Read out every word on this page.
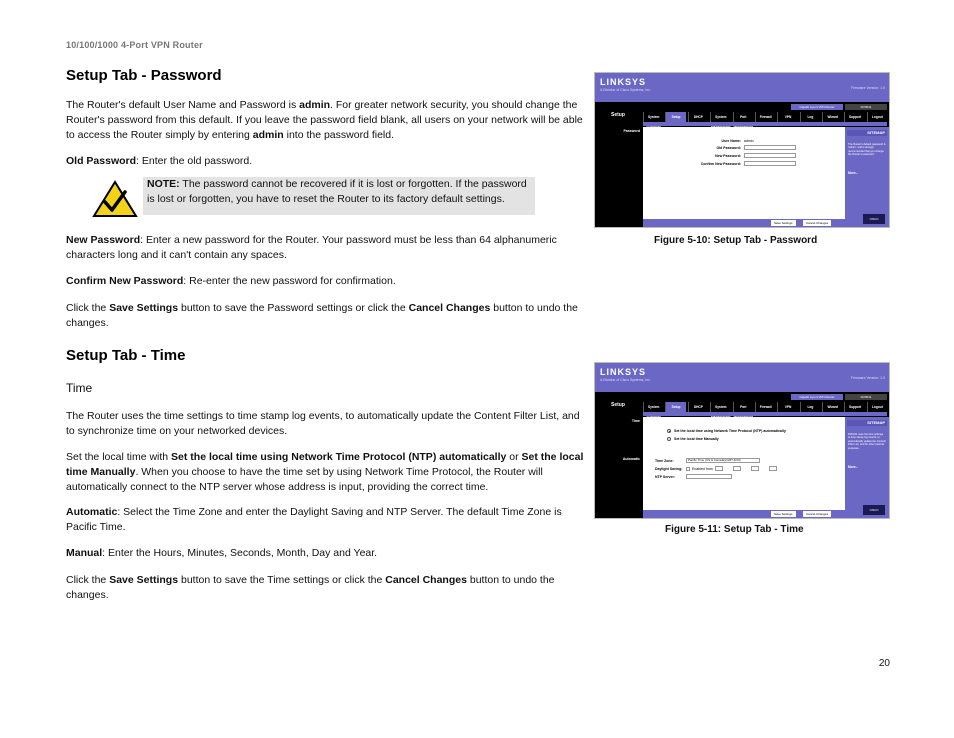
10/100/1000 4-Port VPN Router
Setup Tab - Password

The Router's default User Name and Password is admin. For greater network security, you should change the Router's password from this default. If you leave the password field blank, all users on your network will be able to access the Router simply by entering admin into the password field.

Old Password: Enter the old password.

NOTE: The password cannot be recovered if it is lost or forgotten. If the password is lost or forgotten, you have to reset the Router to its factory default settings.

New Password: Enter a new password for the Router. Your password must be less than 64 alphanumeric characters long and it can't contain any spaces.

Confirm New Password: Re-enter the new password for confirmation.

Click the Save Settings button to save the Password settings or click the Cancel Changes button to undo the changes.

Setup Tab - Time

Time

The Router uses the time settings to time stamp log events, to automatically update the Content Filter List, and to synchronize time on your networked devices.

Set the local time with Set the local time using Network Time Protocol (NTP) automatically or Set the local time Manually. When you choose to have the time set by using Network Time Protocol, the Router will automatically connect to the NTP server whose address is input, providing the correct time.

Automatic: Select the Time Zone and enter the Daylight Saving and NTP Server. The default Time Zone is Pacific Time.

Manual: Enter the Hours, Minutes, Seconds, Month, Day and Year.

Click the Save Settings button to save the Time settings or click the Cancel Changes button to undo the changes.

LINKSYS
A Division of Cisco Systems, Inc.	Firmware Version: 1.0
Setup
Gigabit 4-port VPN Router	RV0041
System	Setup	DHCP	System	Port	Firewall	VPN	Log	Wizard	Support	Logout
Password
User Name: admin
Old Password:
New Password:
Confirm New Password:
Save Settings	Cancel Changes
SITEMAP
The Router's default password is 'admin', and it strongly recommended that you change the Router's password.
More...
CISCO SYSTEMS
Figure 5-10: Setup Tab - Password
LINKSYS
A Division of Cisco Systems, Inc.	Firmware Version: 1.0
Setup
Gigabit 4-port VPN Router	RV0041
System	Setup	DHCP	System	Port	Firewall	VPN	Log	Wizard	Support	Logout
Time
Automatic
Set the local time using Network Time Protocol (NTP) automatically
Set the local time Manually
Time Zone:	Pacific Time (US & Canada)(GMT-8:00)
Daylight Saving:	Enabled from
NTP Server:
Save Settings	Cancel Changes
SITEMAP
RV0041 uses the time settings to time stamp log events, to automatically update the Content Filter List, and for other internal purposes.
More...
CISCO SYSTEMS
Figure 5-11: Setup Tab - Time
20
